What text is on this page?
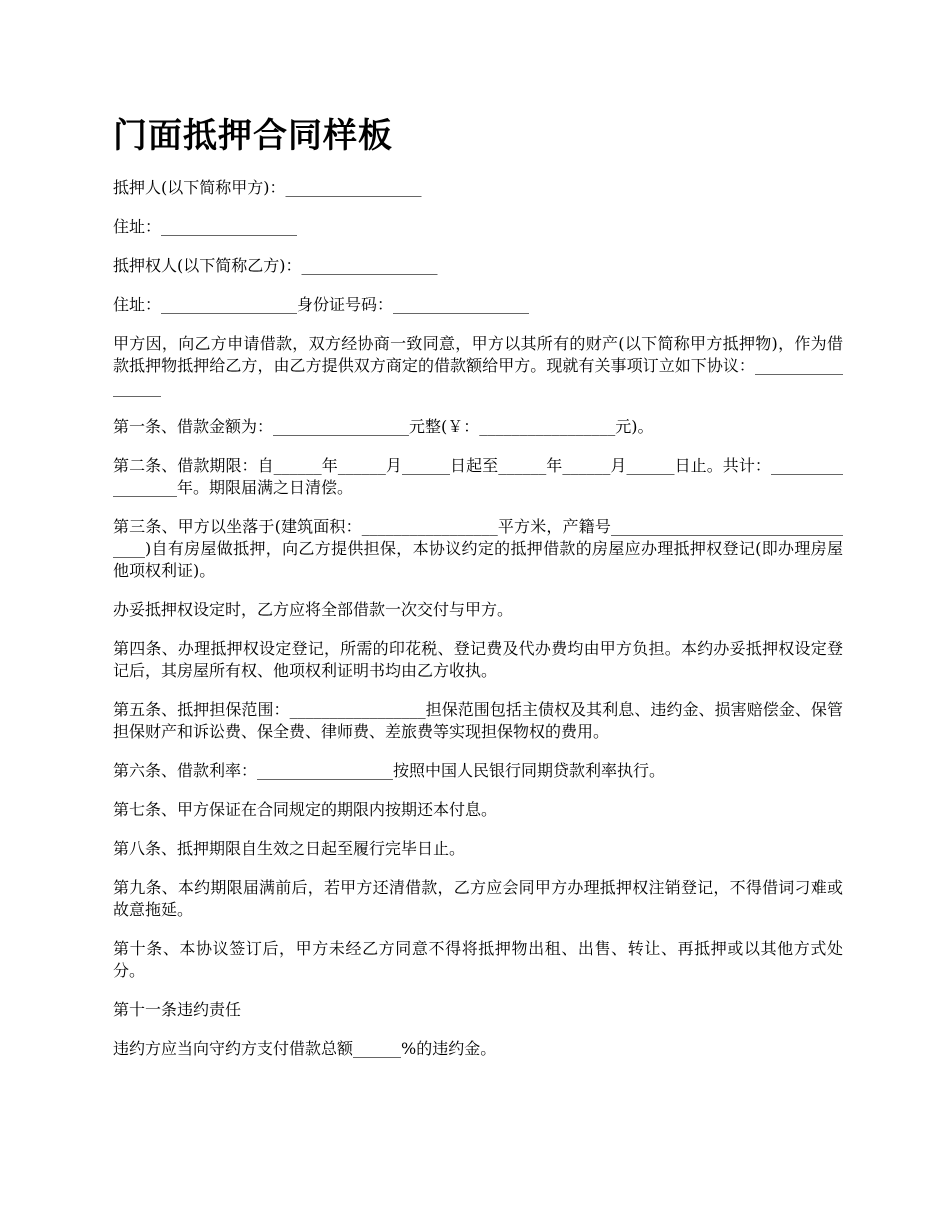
门面抵押合同样板

抵押人(以下简称甲方)：_________________

住址：_________________

抵押权人(以下简称乙方)：_________________

住址：_________________身份证号码：_________________

甲方因，向乙方申请借款，双方经协商一致同意，甲方以其所有的财产(以下简称甲方抵押物)，作为借款抵押物抵押给乙方，由乙方提供双方商定的借款额给甲方。现就有关事项订立如下协议：_________________

第一条、借款金额为：_________________元整(￥：_________________元)。

第二条、借款期限：自______年______月______日起至______年______月______日止。共计：_________________年。期限届满之日清偿。

第三条、甲方以坐落于(建筑面积：_________________平方米，产籍号_________________________________)自有房屋做抵押，向乙方提供担保，本协议约定的抵押借款的房屋应办理抵押权登记(即办理房屋他项权利证)。

办妥抵押权设定时，乙方应将全部借款一次交付与甲方。

第四条、办理抵押权设定登记，所需的印花税、登记费及代办费均由甲方负担。本约办妥抵押权设定登记后，其房屋所有权、他项权利证明书均由乙方收执。

第五条、抵押担保范围：_________________担保范围包括主债权及其利息、违约金、损害赔偿金、保管担保财产和诉讼费、保全费、律师费、差旅费等实现担保物权的费用。

第六条、借款利率：_________________按照中国人民银行同期贷款利率执行。

第七条、甲方保证在合同规定的期限内按期还本付息。

第八条、抵押期限自生效之日起至履行完毕日止。

第九条、本约期限届满前后，若甲方还清借款，乙方应会同甲方办理抵押权注销登记，不得借词刁难或故意拖延。

第十条、本协议签订后，甲方未经乙方同意不得将抵押物出租、出售、转让、再抵押或以其他方式处分。

第十一条违约责任

违约方应当向守约方支付借款总额______%的违约金。
